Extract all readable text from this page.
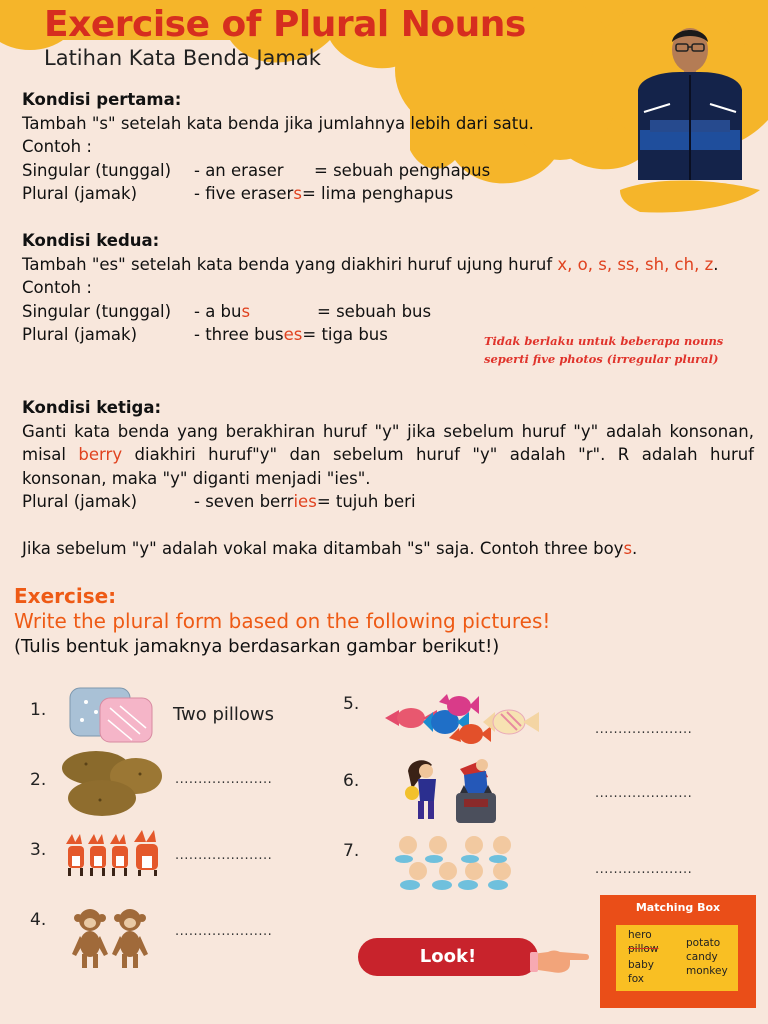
Exercise of Plural Nouns
Latihan Kata Benda Jamak
Kondisi pertama:
Tambah "s" setelah kata benda jika jumlahnya lebih dari satu.
Contoh :
Singular (tunggal)	- an eraser	= sebuah penghapus
Plural (jamak)	- five erasers = lima penghapus
Kondisi kedua:
Tambah "es" setelah kata benda yang diakhiri huruf ujung huruf x, o, s, ss, sh, ch, z.
Contoh :
Singular (tunggal)	- a bus	= sebuah bus
Plural (jamak)	- three buses = tiga bus	Tidak berlaku untuk beberapa nouns seperti five photos (irregular plural)
Kondisi ketiga:
Ganti kata benda yang berakhiran huruf "y" jika sebelum huruf "y" adalah konsonan, misal berry diakhiri huruf"y" dan sebelum huruf "y" adalah "r". R adalah huruf konsonan, maka "y" diganti menjadi "ies".
Plural (jamak)	- seven berries = tujuh beri
Jika sebelum "y" adalah vokal maka ditambah "s" saja. Contoh three boys.
Exercise:
Write the plural form based on the following pictures!
(Tulis bentuk jamaknya berdasarkan gambar berikut!)
1.	Two pillows
2.	.....................
3.	.....................
4.
.....................
5.
.....................
6.
.....................
7.
.....................
Look!
Matching Box
hero
pillow
baby
fox
potato
candy
monkey
